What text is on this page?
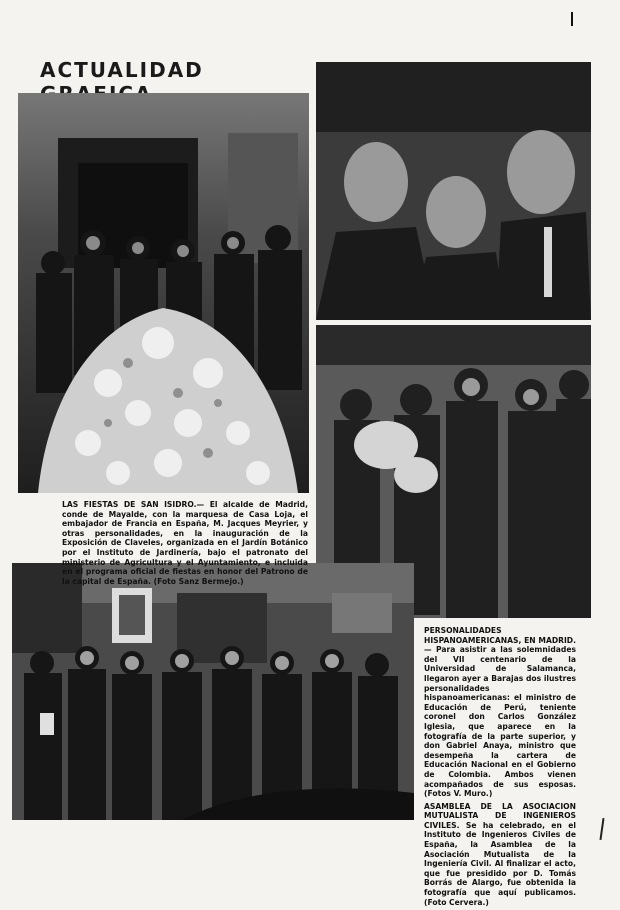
ACTUALIDAD
LAS FIESTAS DE SAN ISIDRO.— El alcalde de Madrid, conde de Mayalde, con la marquesa de Casa Loja, el embajador de Francia en España, M. Jacques Meyrier, y otras personalidades, en la inauguración de la Exposición de Claveles, organizada en el Jardín Botánico por el Instituto de Jardinería, bajo el patronato del ministerio de Agricultura y el Ayuntamiento, e incluida en el programa oficial de fiestas en honor del Patrono de la capital de España. (Foto Sanz Bermejo.)

PERSONALIDADES HISPANOAMERICANAS, EN MADRID.— Para asistir a las solemnidades del VII centenario de la Universidad de Salamanca, llegaron ayer a Barajas dos ilustres personalidades hispanoamericanas: el ministro de Educación de Perú, teniente coronel don Carlos González Iglesia, que aparece en la fotografía de la parte superior, y don Gabriel Anaya, ministro que desempeña la cartera de Educación Nacional en el Gobierno de Colombia. Ambos vienen acompañados de sus esposas. (Fotos V. Muro.)

ASAMBLEA DE LA ASOCIACION MUTUALISTA DE INGENIEROS CIVILES. Se ha celebrado, en el Instituto de Ingenieros Civiles de España, la Asamblea de la Asociación Mutualista de la Ingeniería Civil. Al finalizar el acto, que fue presidido por D. Tomás Borrás de Alargo, fue obtenida la fotografía que aquí publicamos. (Foto Cervera.)
